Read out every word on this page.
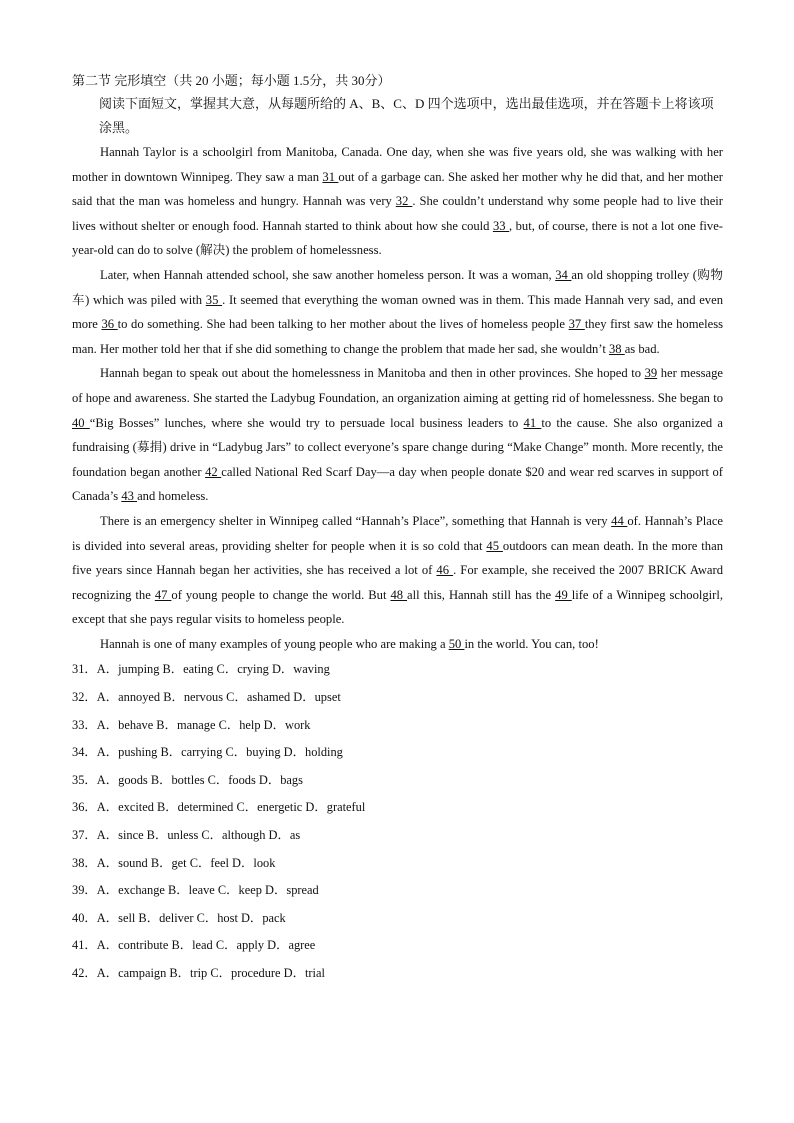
第二节 完形填空（共 20 小题；每小题 1.5分，共 30分）

阅读下面短文，掌握其大意，从每题所给的 A、B、C、D 四个选项中，选出最佳选项，并在答题卡上将该项涂黑。

Hannah Taylor is a schoolgirl from Manitoba, Canada. One day, when she was five years old, she was walking with her mother in downtown Winnipeg. They saw a man 31 out of a garbage can. She asked her mother why he did that, and her mother said that the man was homeless and hungry. Hannah was very 32 . She couldn’t understand why some people had to live their lives without shelter or enough food. Hannah started to think about how she could 33 , but, of course, there is not a lot one five-year-old can do to solve (解决) the problem of homelessness.

Later, when Hannah attended school, she saw another homeless person. It was a woman, 34 an old shopping trolley (购物车) which was piled with 35 . It seemed that everything the woman owned was in them. This made Hannah very sad, and even more 36 to do something. She had been talking to her mother about the lives of homeless people 37 they first saw the homeless man. Her mother told her that if she did something to change the problem that made her sad, she wouldn’t 38 as bad.

Hannah began to speak out about the homelessness in Manitoba and then in other provinces. She hoped to 39 her message of hope and awareness. She started the Ladybug Foundation, an organization aiming at getting rid of homelessness. She began to 40 “Big Bosses” lunches, where she would try to persuade local business leaders to 41 to the cause. She also organized a fundraising (募捐) drive in “Ladybug Jars” to collect everyone’s spare change during “Make Change” month. More recently, the foundation began another 42 called National Red Scarf Day—a day when people donate $20 and wear red scarves in support of Canada’s 43 and homeless.

There is an emergency shelter in Winnipeg called “Hannah’s Place”, something that Hannah is very 44 of. Hannah’s Place is divided into several areas, providing shelter for people when it is so cold that 45 outdoors can mean death. In the more than five years since Hannah began her activities, she has received a lot of 46 . For example, she received the 2007 BRICK Award recognizing the 47 of young people to change the world. But 48 all this, Hannah still has the 49 life of a Winnipeg schoolgirl, except that she pays regular visits to homeless people.

Hannah is one of many examples of young people who are making a 50 in the world. You can, too!

31．A．jumping B．eating C．crying D．waving

32．A．annoyed B．nervous C．ashamed D．upset

33．A．behave B．manage C．help D．work

34．A．pushing B．carrying C．buying D．holding

35．A．goods B．bottles C．foods D．bags

36．A．excited B．determined C．energetic D．grateful

37．A．since B．unless C．although D．as

38．A．sound B．get C．feel D．look

39．A．exchange B．leave C．keep D．spread

40．A．sell B．deliver C．host D．pack

41．A．contribute B．lead C．apply D．agree

42．A．campaign B．trip C．procedure D．trial
